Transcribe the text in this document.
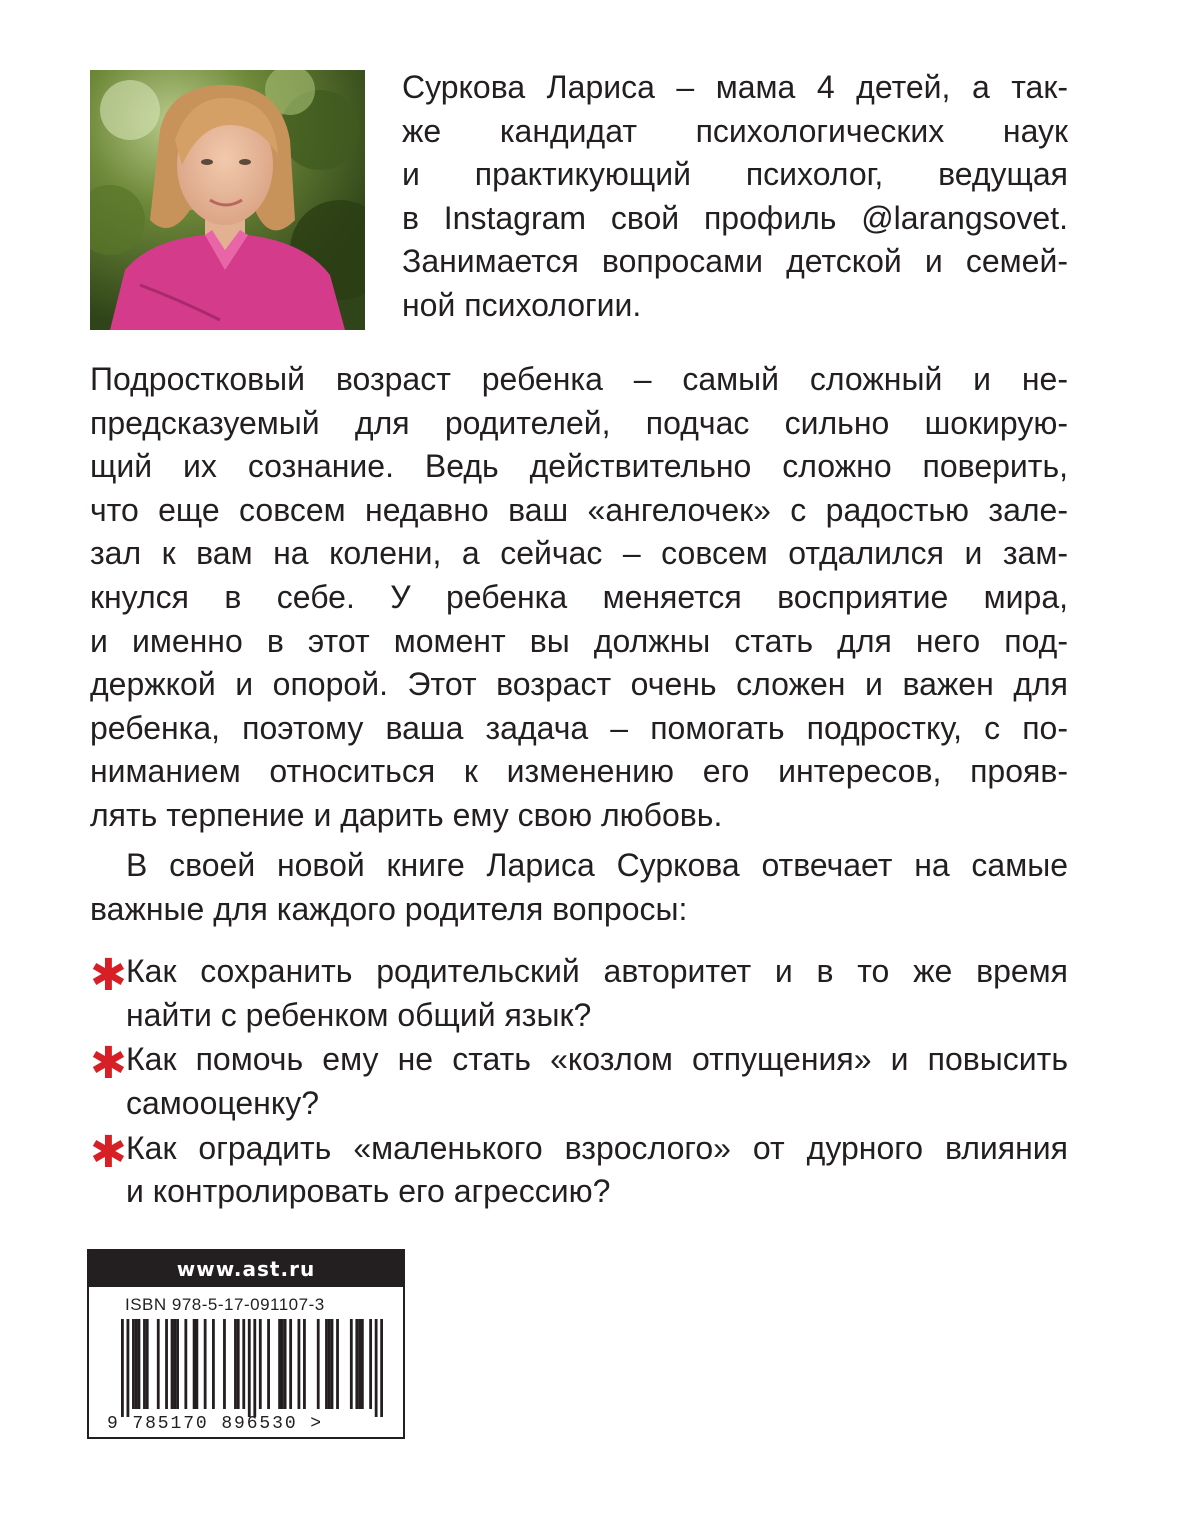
Суркова Лариса – мама 4 детей, а так-
же кандидат психологических наук
и практикующий психолог, ведущая
в Instagram свой профиль @larangsovet.
Занимается вопросами детской и семей-
ной психологии.
Подростковый возраст ребенка – самый сложный и не-
предсказуемый для родителей, подчас сильно шокирую-
щий их сознание. Ведь действительно сложно поверить,
что еще совсем недавно ваш «ангелочек» с радостью зале-
зал к вам на колени, а сейчас – совсем отдалился и зам-
кнулся в себе. У ребенка меняется восприятие мира,
и именно в этот момент вы должны стать для него под-
держкой и опорой. Этот возраст очень сложен и важен для
ребенка, поэтому ваша задача – помогать подростку, с по-
ниманием относиться к изменению его интересов, прояв-
лять терпение и дарить ему свою любовь.
В своей новой книге Лариса Суркова отвечает на самые
важные для каждого родителя вопросы:
✱ Как сохранить родительский авторитет и в то же время
найти с ребенком общий язык?
✱ Как помочь ему не стать «козлом отпущения» и повысить
самооценку?
✱ Как оградить «маленького взрослого» от дурного влияния
и контролировать его агрессию?
www.ast.ru
ISBN 978-5-17-091107-3
9 785170 896530 >
